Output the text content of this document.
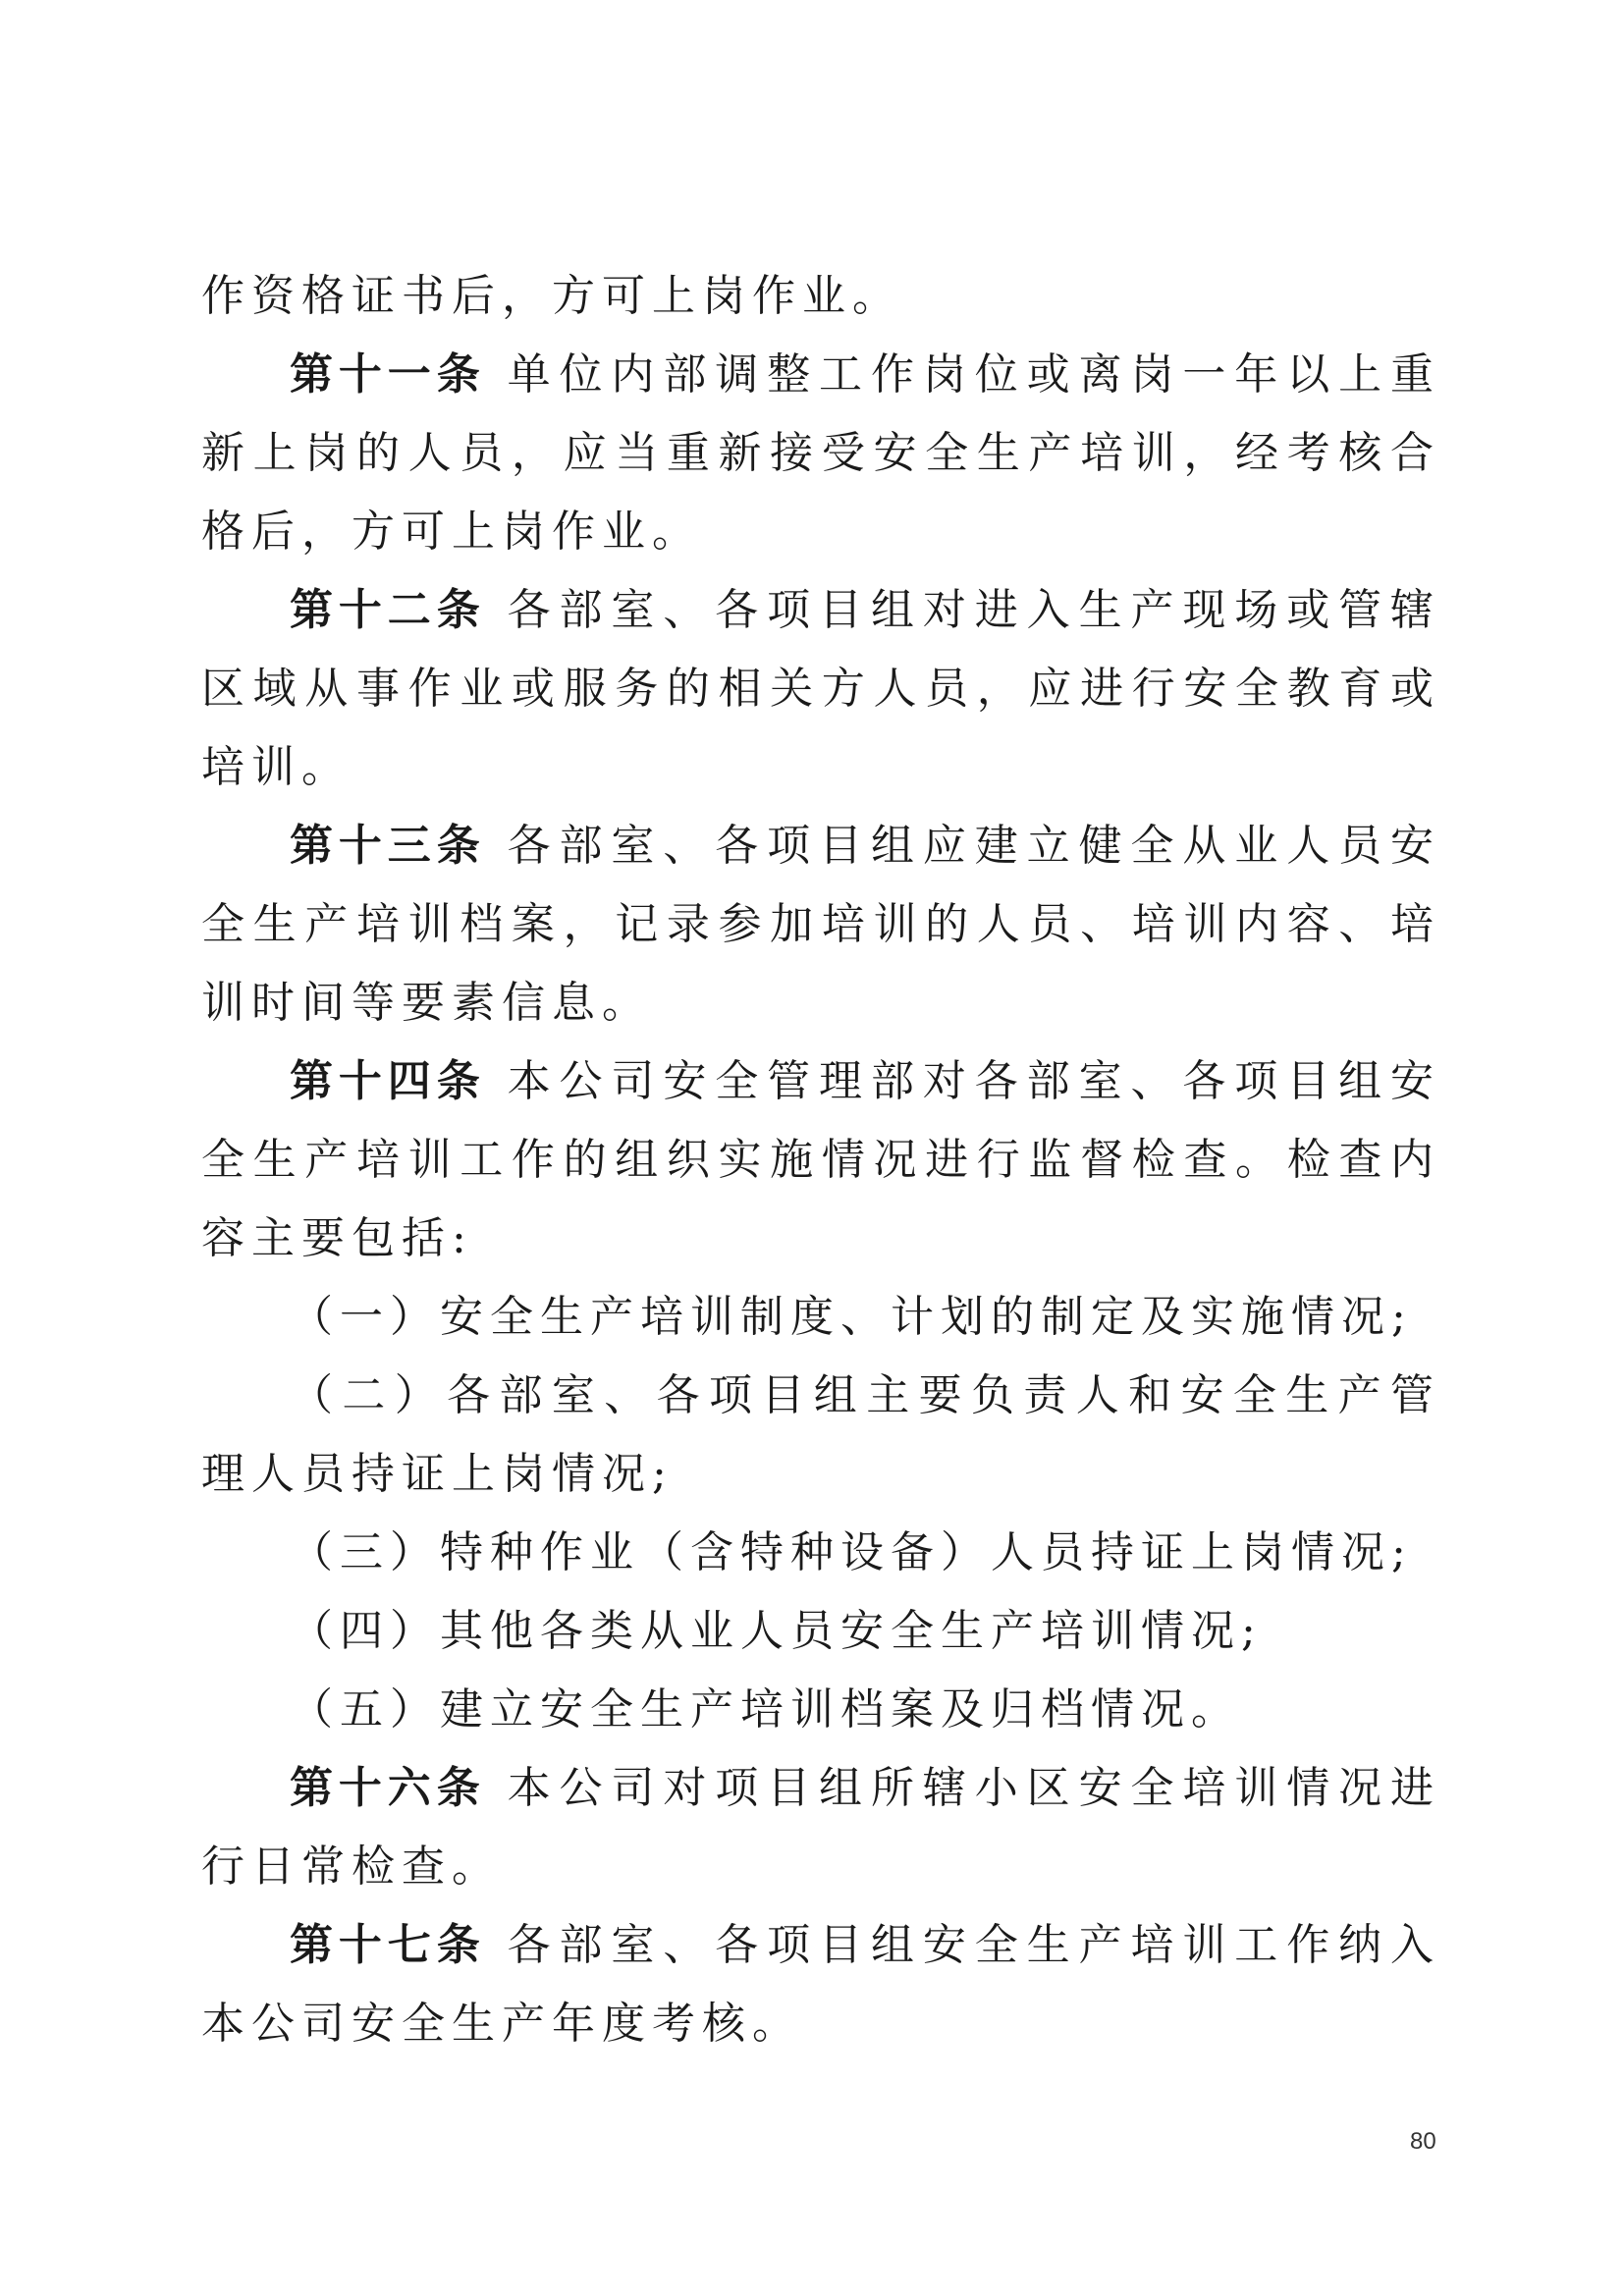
作资格证书后，方可上岗作业。

第十一条 单位内部调整工作岗位或离岗一年以上重新上岗的人员，应当重新接受安全生产培训，经考核合格后，方可上岗作业。

第十二条 各部室、各项目组对进入生产现场或管辖区域从事作业或服务的相关方人员，应进行安全教育或培训。

第十三条 各部室、各项目组应建立健全从业人员安全生产培训档案，记录参加培训的人员、培训内容、培训时间等要素信息。

第十四条 本公司安全管理部对各部室、各项目组安全生产培训工作的组织实施情况进行监督检查。检查内容主要包括:

（一）安全生产培训制度、计划的制定及实施情况;

（二）各部室、各项目组主要负责人和安全生产管理人员持证上岗情况;

（三）特种作业（含特种设备）人员持证上岗情况;

（四）其他各类从业人员安全生产培训情况;

（五）建立安全生产培训档案及归档情况。

第十六条 本公司对项目组所辖小区安全培训情况进行日常检查。

第十七条 各部室、各项目组安全生产培训工作纳入本公司安全生产年度考核。

80
